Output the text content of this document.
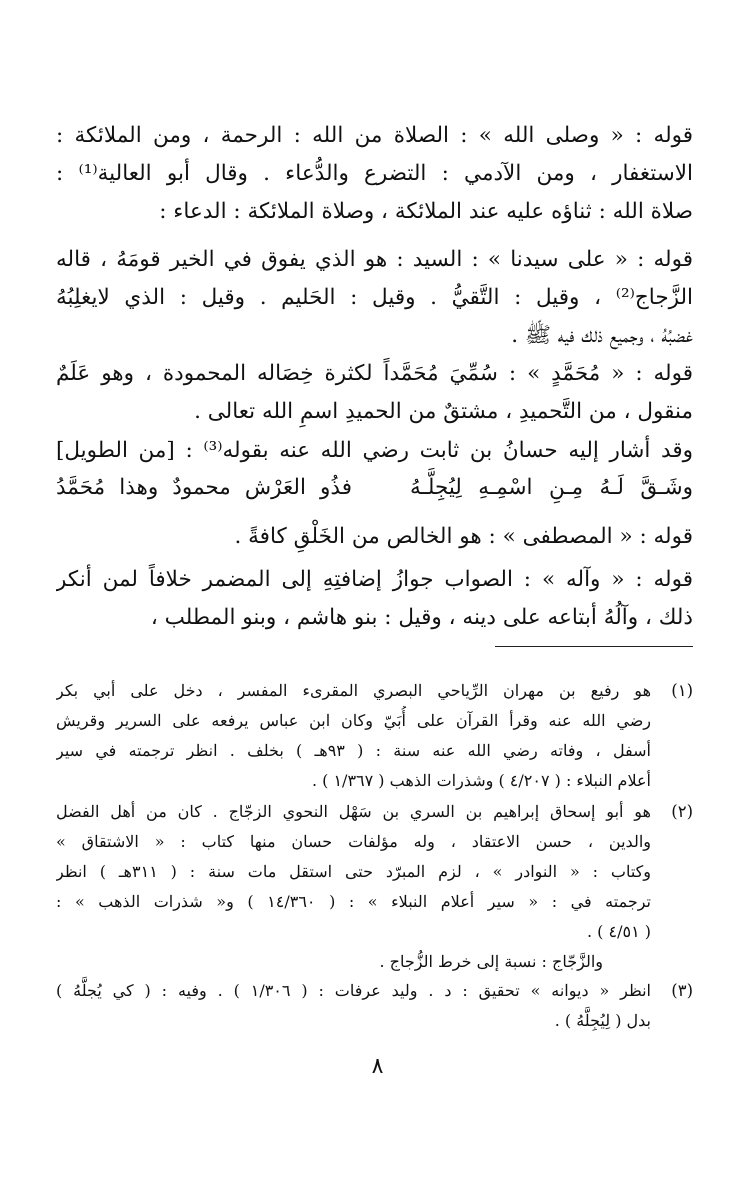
قوله : « وصلى الله » : الصلاة من الله : الرحمة ، ومن الملائكة :
الاستغفار ، ومن الآدمي : التضرع والدُّعاء . وقال أبو العالية⁽¹⁾ :
صلاة الله : ثناؤه عليه عند الملائكة ، وصلاة الملائكة : الدعاء :
قوله : « على سيدنا » : السيد : هو الذي يفوق في الخير قومَهُ ، قاله
الزَّجاج⁽²⁾ ، وقيل : التَّقيُّ . وقيل : الحَليم . وقيل : الذي لايغلِبُهُ
غضبُهُ ، وجميع ذلك فيه ﷺ .
قوله : « مُحَمَّدٍ » : سُمِّيَ مُحَمَّداً لكثرة خِصَاله المحمودة ، وهو عَلَمٌ
منقول ، من التَّحميدِ ، مشتقٌ من الحميدِ اسمِ الله تعالى .
وقد أشار إليه حسانُ بن ثابت رضي الله عنه بقوله⁽³⁾ : [من الطويل]
وشَـقَّ لَـهُ مِـنِ اسْمِـهِ لِيُجِلَّـهُ
فذُو العَرْش محمودٌ وهذا مُحَمَّدُ
قوله : « المصطفى » : هو الخالص من الخَلْقِ كافةً .
قوله : « وآله » : الصواب جوازُ إضافتِهِ إلى المضمر خلافاً لمن أنكر
ذلك ، وآلُهُ أبتاعه على دينه ، وقيل : بنو هاشم ، وبنو المطلب ،
(١)
هو رفيع بن مهران الرِّياحي البصري المقرىء المفسر ، دخل على أبي بكر
رضي الله عنه وقرأ القرآن على أُبَيّ وكان ابن عباس يرفعه على السرير وقريش
أسفل ، وفاته رضي الله عنه سنة : ( ٩٣هـ ) بخلف . انظر ترجمته في سير
أعلام النبلاء : ( ٤/٢٠٧ ) وشذرات الذهب ( ١/٣٦٧ ) .
(٢)
هو أبو إسحاق إبراهيم بن السري بن سَهْل النحوي الزجّاج . كان من أهل الفضل
والدين ، حسن الاعتقاد ، وله مؤلفات حسان منها كتاب : « الاشتقاق »
وكتاب : « النوادر » ، لزم المبرّد حتى استقل مات سنة : ( ٣١١هـ ) انظر
ترجمته في : « سير أعلام النبلاء » : ( ١٤/٣٦٠ ) و« شذرات الذهب » :
( ٤/٥١ ) .
والزَّجّاج : نسبة إلى خرط الزُّجاج .
(٣)
انظر « ديوانه » تحقيق : د . وليد عرفات : ( ١/٣٠٦ ) . وفيه : ( كي يُجلَّهُ )
بدل ( لِيُجِلَّهُ ) .
٨
